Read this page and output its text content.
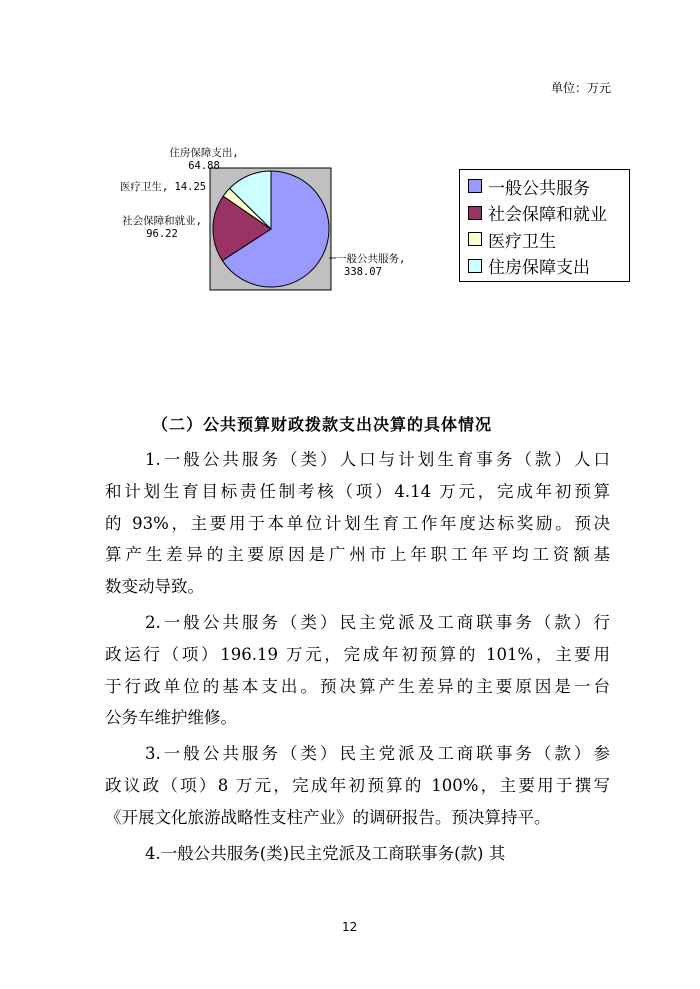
单位：万元
一般公共服务,
338.07
社会保障和就业,
96.22
医疗卫生, 14.25
住房保障支出,
64.88
一般公共服务
社会保障和就业
医疗卫生
住房保障支出
（二）公共预算财政拨款支出决算的具体情况
1.一般公共服务（类）人口与计划生育事务（款）人口
和计划生育目标责任制考核（项）4.14 万元，完成年初预算
的 93%，主要用于本单位计划生育工作年度达标奖励。预决
算产生差异的主要原因是广州市上年职工年平均工资额基
数变动导致。
2.一般公共服务（类）民主党派及工商联事务（款）行
政运行（项）196.19 万元，完成年初预算的 101%，主要用
于行政单位的基本支出。预决算产生差异的主要原因是一台
公务车维护维修。
3.一般公共服务（类）民主党派及工商联事务（款）参
政议政（项）8 万元，完成年初预算的 100%，主要用于撰写
《开展文化旅游战略性支柱产业》的调研报告。预决算持平。
4.一般公共服务(类)民主党派及工商联事务(款) 其
12
